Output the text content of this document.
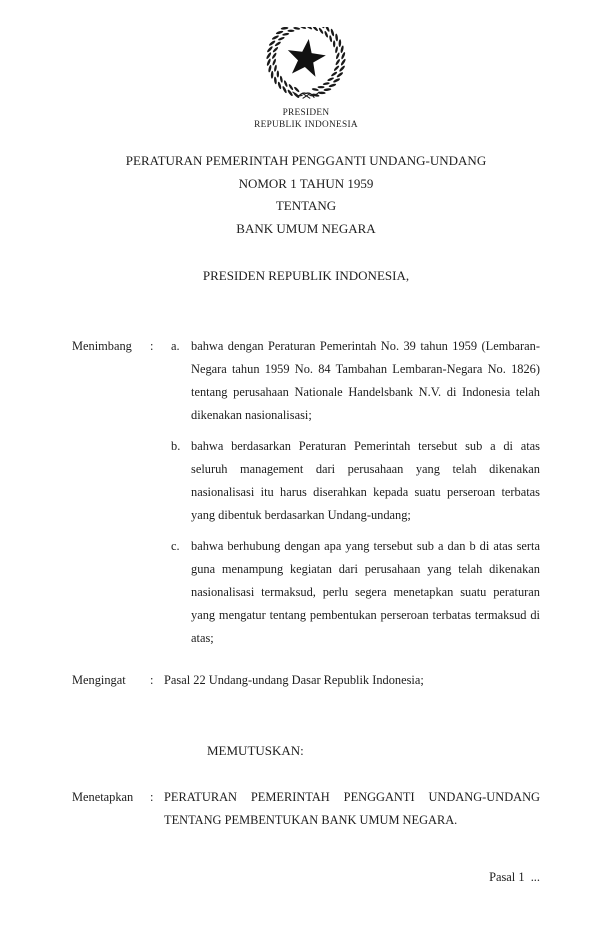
PRESIDEN
REPUBLIK INDONESIA
PERATURAN PEMERINTAH PENGGANTI UNDANG-UNDANG
NOMOR 1 TAHUN 1959
TENTANG
BANK UMUM NEGARA
PRESIDEN REPUBLIK INDONESIA,
Menimbang	:	a. bahwa dengan Peraturan Pemerintah No. 39 tahun 1959 (Lembaran-Negara tahun 1959 No. 84 Tambahan Lembaran-Negara No. 1826) tentang perusahaan Nationale Handelsbank N.V. di Indonesia telah dikenakan nasionalisasi;
b. bahwa berdasarkan Peraturan Pemerintah tersebut sub a di atas seluruh management dari perusahaan yang telah dikenakan nasionalisasi itu harus diserahkan kepada suatu perseroan terbatas yang dibentuk berdasarkan Undang-undang;
c. bahwa berhubung dengan apa yang tersebut sub a dan b di atas serta guna menampung kegiatan dari perusahaan yang telah dikenakan nasionalisasi termaksud, perlu segera menetapkan suatu peraturan yang mengatur tentang pembentukan perseroan terbatas termaksud di atas;
Mengingat	: Pasal 22 Undang-undang Dasar Republik Indonesia;
MEMUTUSKAN:
Menetapkan	: PERATURAN PEMERINTAH PENGGANTI UNDANG-UNDANG TENTANG PEMBENTUKAN BANK UMUM NEGARA.
Pasal 1  ...
